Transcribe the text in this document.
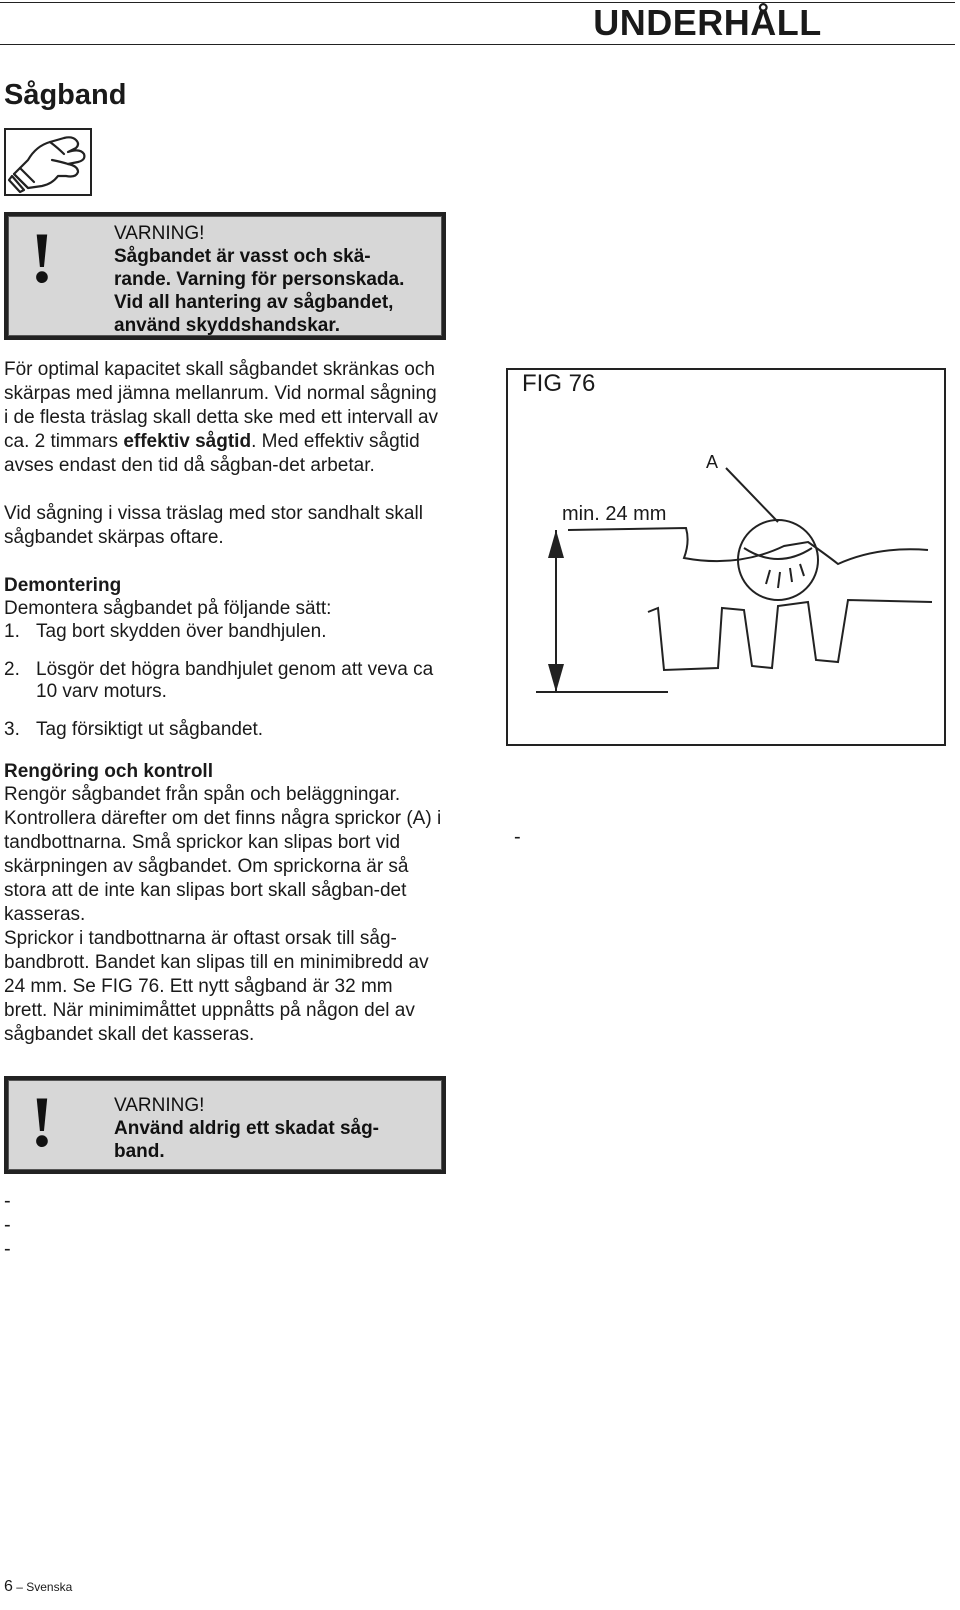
UNDERHÅLL
Sågband
!	VARNING!
Sågbandet är vasst och skä-rande. Varning för personskada. Vid all hantering av sågbandet, använd skyddshandskar.
För optimal kapacitet skall sågbandet skränkas och skärpas med jämna mellanrum. Vid normal sågning i de flesta träslag skall detta ske med ett intervall av ca. 2 timmars effektiv sågtid. Med effektiv sågtid avses endast den tid då sågban-det arbetar.
Vid sågning i vissa träslag med stor sandhalt skall sågbandet skärpas oftare.
Demontering
Demontera sågbandet på följande sätt:
1. Tag bort skydden över bandhjulen.
2. Lösgör det högra bandhjulet genom att veva ca 10 varv moturs.
3. Tag försiktigt ut sågbandet.
Rengöring och kontroll
Rengör sågbandet från spån och beläggningar. Kontrollera därefter om det finns några sprickor (A) i tandbottnarna. Små sprickor kan slipas bort vid skärpningen av sågbandet. Om sprickorna är så stora att de inte kan slipas bort skall sågban-det kasseras.
Sprickor i tandbottnarna är oftast orsak till såg-bandbrott. Bandet kan slipas till en minimibredd av 24 mm. Se FIG 76. Ett nytt sågband är 32 mm brett. När minimimåttet uppnåtts på någon del av sågbandet skall det kasseras.
!	VARNING!
Använd aldrig ett skadat såg-band.
FIG 76
A
min. 24 mm
-
-
-
-
6 – Svenska
